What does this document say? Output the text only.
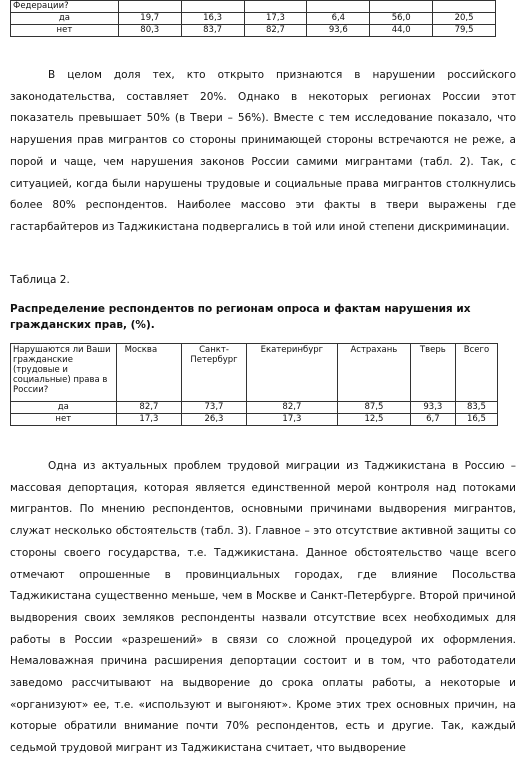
Федерации?						
да	19,7	16,3	17,3	6,4	56,0	20,5
нет	80,3	83,7	82,7	93,6	44,0	79,5

В целом доля тех, кто открыто признаются в нарушении российского законодательства, составляет 20%. Однако в некоторых регионах России этот показатель превышает 50% (в Твери – 56%). Вместе с тем исследование показало, что нарушения прав мигрантов со стороны принимающей стороны встречаются не реже, а порой и чаще, чем нарушения законов России самими мигрантами (табл. 2). Так, с ситуацией, когда были нарушены трудовые и социальные права мигрантов столкнулись более 80% респондентов. Наиболее массово эти факты в твери выражены где гастарбайтеров из Таджикистана подвергались в той или иной степени дискриминации.

Таблица 2.
Распределение респондентов по регионам опроса и фактам нарушения их гражданских прав, (%).
Нарушаются ли Ваши гражданские (трудовые и социальные) права в России?	Москва	Санкт-Петербург	Екатеринбург	Астрахань	Тверь	Всего
да	82,7	73,7	82,7	87,5	93,3	83,5
нет	17,3	26,3	17,3	12,5	6,7	16,5

Одна из актуальных проблем трудовой миграции из Таджикистана в Россию – массовая депортация, которая является единственной мерой контроля над потоками мигрантов. По мнению респондентов, основными причинами выдворения мигрантов, служат несколько обстоятельств (табл. 3). Главное – это отсутствие активной защиты со стороны своего государства, т.е. Таджикистана. Данное обстоятельство чаще всего отмечают опрошенные в провинциальных городах, где влияние Посольства Таджикистана существенно меньше, чем в Москве и Санкт-Петербурге. Второй причиной выдворения своих земляков респонденты назвали отсутствие всех необходимых для работы в России «разрешений» в связи со сложной процедурой их оформления. Немаловажная причина расширения депортации состоит и в том, что работодатели заведомо рассчитывают на выдворение до срока оплаты работы, а некоторые и «организуют» ее, т.е. «используют и выгоняют». Кроме этих трех основных причин, на которые обратили внимание почти 70% респондентов, есть и другие. Так, каждый седьмой трудовой мигрант из Таджикистана считает, что выдворение
